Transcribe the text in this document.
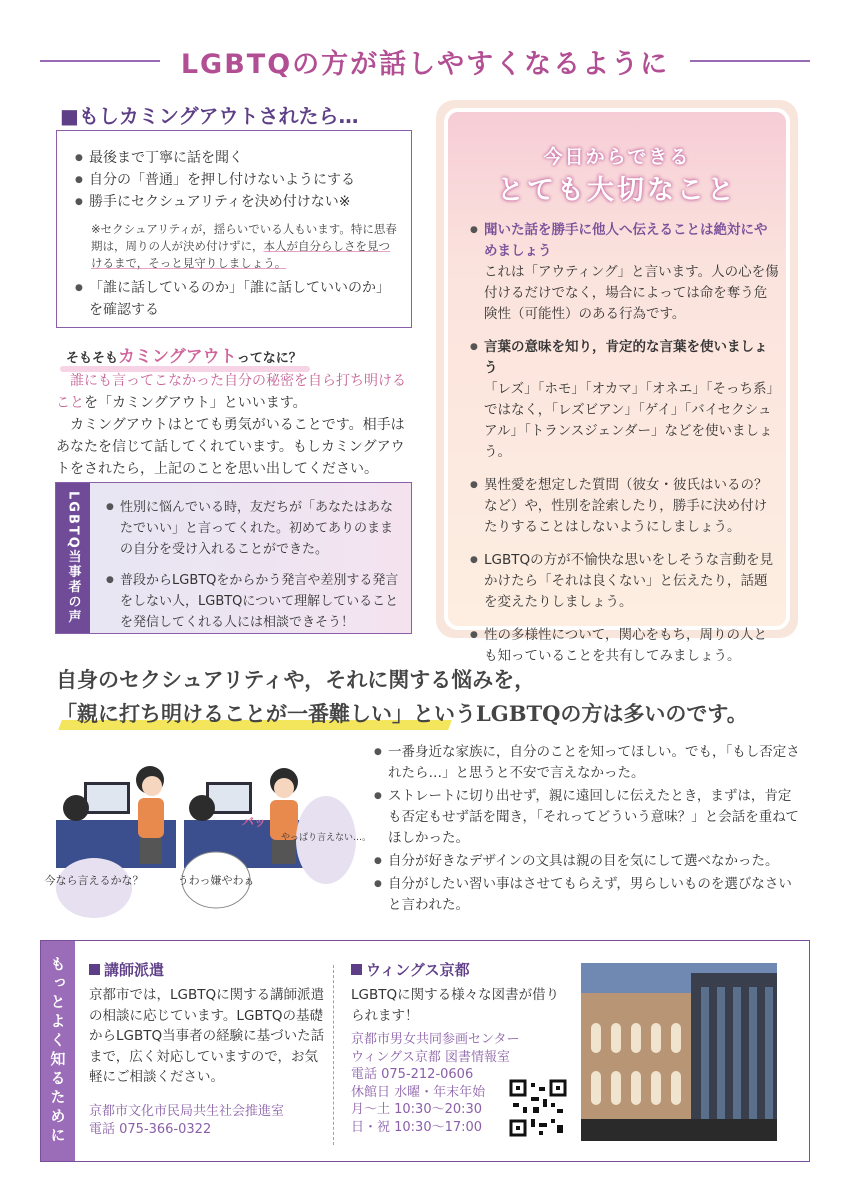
LGBTQの方が話しやすくなるように
■もしカミングアウトされたら…
● 最後まで丁寧に話を聞く
● 自分の「普通」を押し付けないようにする
● 勝手にセクシュアリティを決め付けない※
※セクシュアリティが，揺らいでいる人もいます。特に思春期は，周りの人が決め付けずに，本人が自分らしさを見つけるまで，そっと見守りしましょう。
● 「誰に話しているのか」「誰に話していいのか」を確認する
そもそもカミングアウトってなに？

誰にも言ってこなかった自分の秘密を自ら打ち明けることを「カミングアウト」といいます。

カミングアウトはとても勇気がいることです。相手はあなたを信じて話してくれています。もしカミングアウトをされたら，上記のことを思い出してください。

LGBTQ当事者の声
●	性別に悩んでいる時，友だちが「あなたはあなたでいい」と言ってくれた。初めてありのままの自分を受け入れることができた。
● 普段からLGBTQをからかう発言や差別する発言をしない人，LGBTQについて理解していることを発信してくれる人には相談できそう！
今日からできる
とても大切なこと
● 聞いた話を勝手に他人へ伝えることは絶対にやめましょう
これは「アウティング」と言います。人の心を傷付けるだけでなく，場合によっては命を奪う危険性（可能性）のある行為です。
● 言葉の意味を知り，肯定的な言葉を使いましょう
「レズ」「ホモ」「オカマ」「オネエ」「そっち系」ではなく，「レズビアン」「ゲイ」「バイセクシュアル」「トランスジェンダー」などを使いましょう。
● 異性愛を想定した質問（彼女・彼氏はいるの？など）や，性別を詮索したり，勝手に決め付けたりすることはしないようにしましょう。
● LGBTQの方が不愉快な思いをしそうな言動を見かけたら「それは良くない」と伝えたり，話題を変えたりしましょう。
● 性の多様性について，関心をもち，周りの人とも知っていることを共有してみましょう。
自身のセクシュアリティや，それに関する悩みを，
「親に打ち明けることが一番難しい」というLGBTQの方は多いのです。
今なら言えるかな？
バッ
うわっ嫌やわぁ
やっぱり言えない…。
● 一番身近な家族に，自分のことを知ってほしい。でも，「もし否定されたら…」と思うと不安で言えなかった。
● ストレートに切り出せず，親に遠回しに伝えたとき，まずは，肯定も否定もせず話を聞き，「それってどういう意味？」と会話を重ねてほしかった。
● 自分が好きなデザインの文具は親の目を気にして選べなかった。
● 自分がしたい習い事はさせてもらえず，男らしいものを選びなさいと言われた。
もっとよく知るために	講師派遣
京都市では，LGBTQに関する講師派遣の相談に応じています。LGBTQの基礎からLGBTQ当事者の経験に基づいた話まで，広く対応していますので，お気軽にご相談ください。
京都市文化市民局共生社会推進室
電話 075-366-0322
ウィングス京都
LGBTQに関する様々な図書が借りられます！
京都市男女共同参画センター
ウィングス京都 図書情報室
電話 075-212-0606
休館日 水曜・年末年始
月〜土 10:30〜20:30
日・祝 10:30〜17:00
